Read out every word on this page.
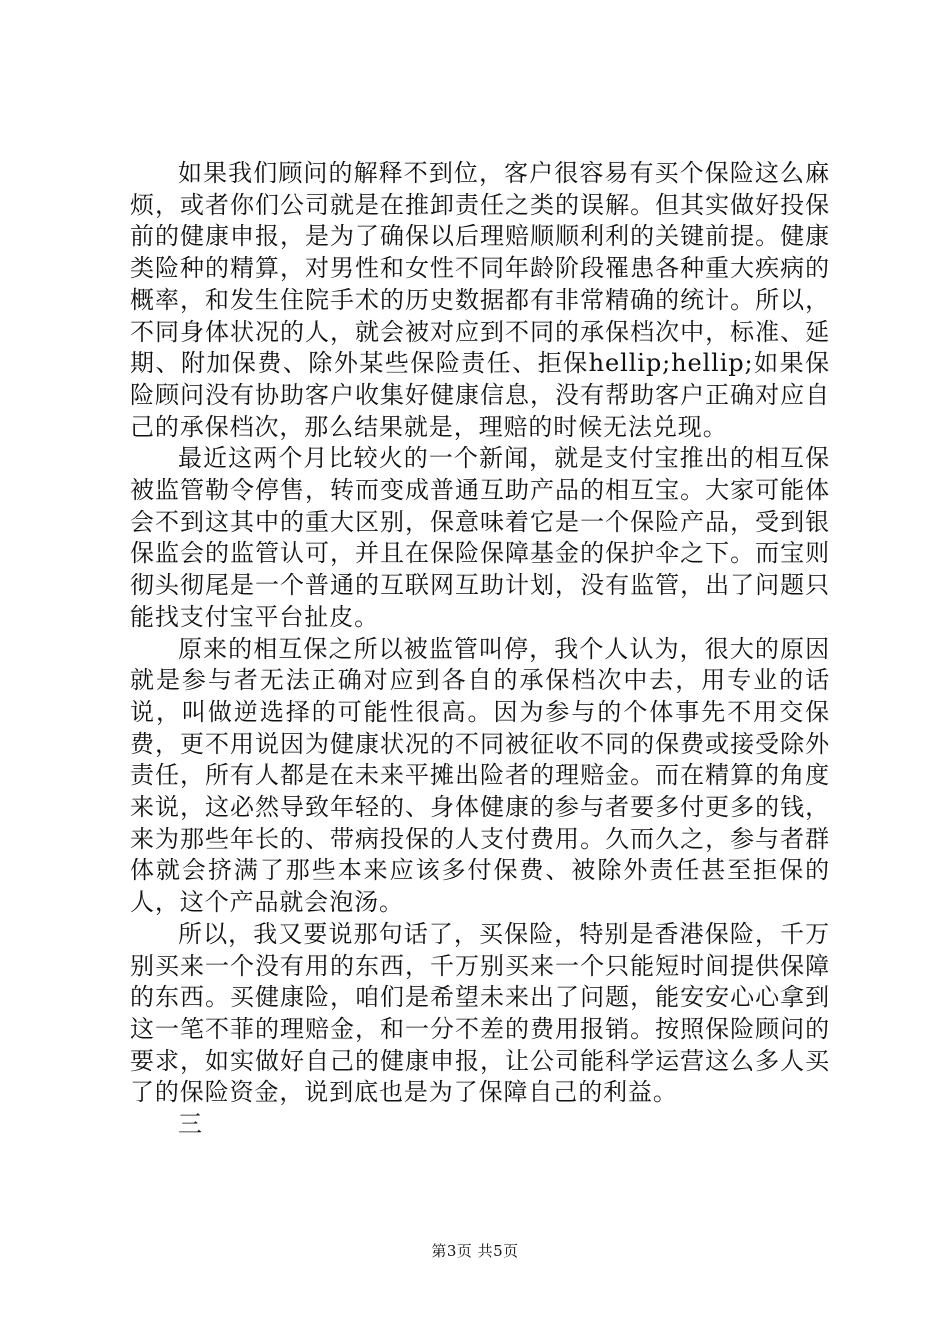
如果我们顾问的解释不到位，客户很容易有买个保险这么麻烦，或者你们公司就是在推卸责任之类的误解。但其实做好投保前的健康申报，是为了确保以后理赔顺顺利利的关键前提。健康类险种的精算，对男性和女性不同年龄阶段罹患各种重大疾病的概率，和发生住院手术的历史数据都有非常精确的统计。所以，不同身体状况的人，就会被对应到不同的承保档次中，标准、延期、附加保费、除外某些保险责任、拒保hellip;hellip;如果保险顾问没有协助客户收集好健康信息，没有帮助客户正确对应自己的承保档次，那么结果就是，理赔的时候无法兑现。

最近这两个月比较火的一个新闻，就是支付宝推出的相互保被监管勒令停售，转而变成普通互助产品的相互宝。大家可能体会不到这其中的重大区别，保意味着它是一个保险产品，受到银保监会的监管认可，并且在保险保障基金的保护伞之下。而宝则彻头彻尾是一个普通的互联网互助计划，没有监管，出了问题只能找支付宝平台扯皮。

原来的相互保之所以被监管叫停，我个人认为，很大的原因就是参与者无法正确对应到各自的承保档次中去，用专业的话说，叫做逆选择的可能性很高。因为参与的个体事先不用交保费，更不用说因为健康状况的不同被征收不同的保费或接受除外责任，所有人都是在未来平摊出险者的理赔金。而在精算的角度来说，这必然导致年轻的、身体健康的参与者要多付更多的钱，来为那些年长的、带病投保的人支付费用。久而久之，参与者群体就会挤满了那些本来应该多付保费、被除外责任甚至拒保的人，这个产品就会泡汤。

所以，我又要说那句话了，买保险，特别是香港保险，千万别买来一个没有用的东西，千万别买来一个只能短时间提供保障的东西。买健康险，咱们是希望未来出了问题，能安安心心拿到这一笔不菲的理赔金，和一分不差的费用报销。按照保险顾问的要求，如实做好自己的健康申报，让公司能科学运营这么多人买了的保险资金，说到底也是为了保障自己的利益。

三

第3页 共5页
